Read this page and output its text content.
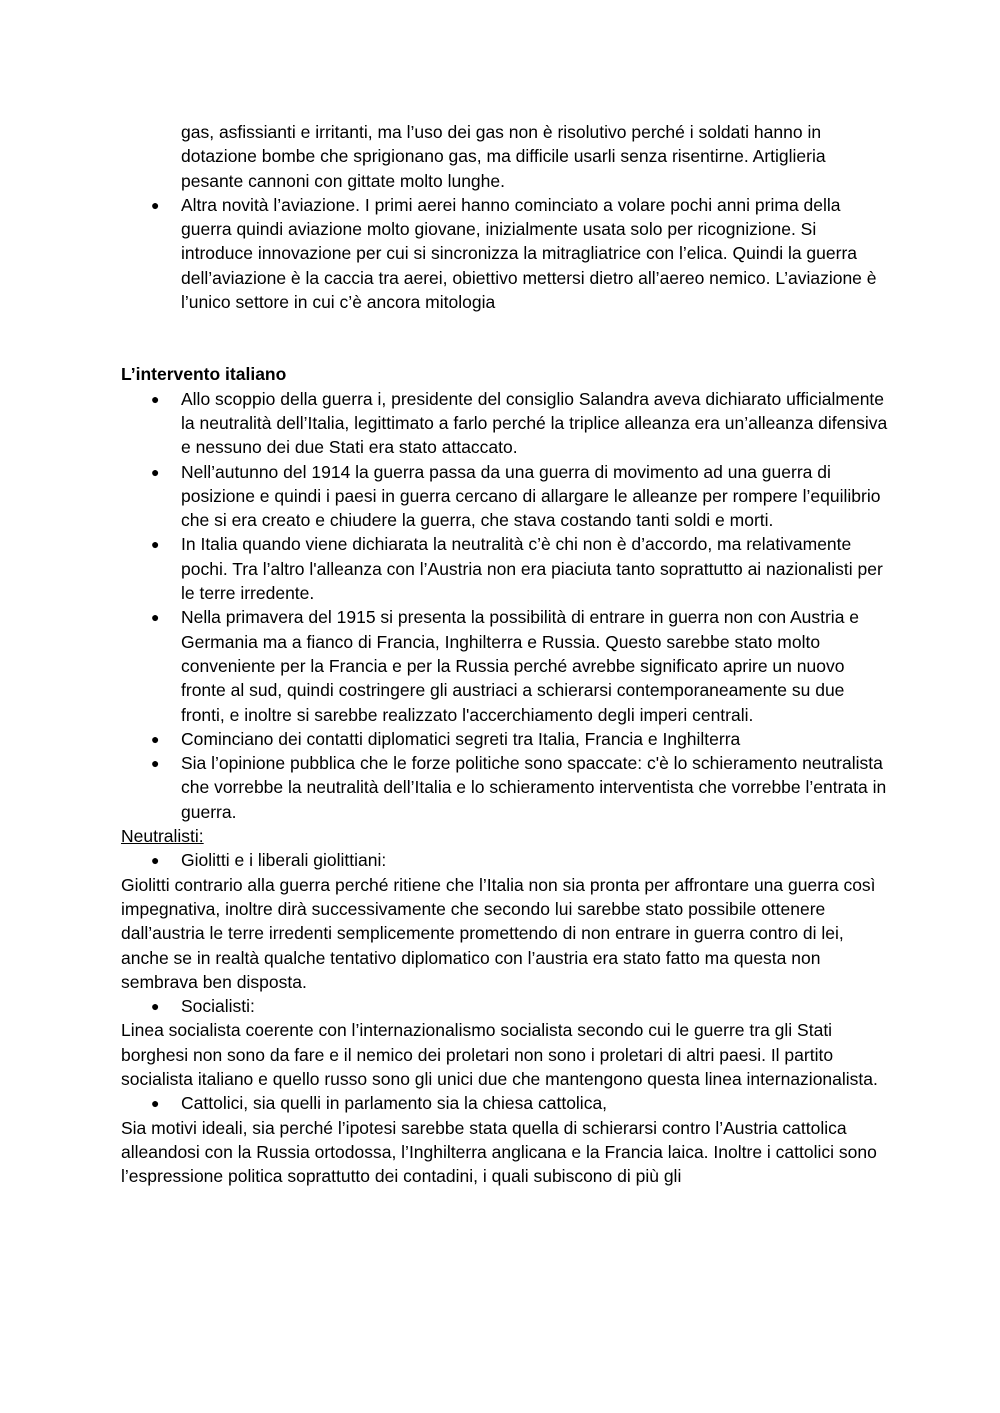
gas, asfissianti e irritanti, ma l’uso dei gas non è risolutivo perché i soldati hanno in dotazione bombe che sprigionano gas, ma difficile usarli senza risentirne. Artiglieria pesante cannoni con gittate molto lunghe.
● Altra novità l’aviazione. I primi aerei hanno cominciato a volare pochi anni prima della guerra quindi aviazione molto giovane, inizialmente usata solo per ricognizione. Si introduce innovazione per cui si sincronizza la mitragliatrice con l’elica. Quindi la guerra dell’aviazione è la caccia tra aerei, obiettivo mettersi dietro all’aereo nemico. L’aviazione è l’unico settore in cui c’è ancora mitologia

L’intervento italiano

● Allo scoppio della guerra i, presidente del consiglio Salandra aveva dichiarato ufficialmente la neutralità dell’Italia, legittimato a farlo perché la triplice alleanza era un’alleanza difensiva e nessuno dei due Stati era stato attaccato.
● Nell’autunno del 1914 la guerra passa da una guerra di movimento ad una guerra di posizione e quindi i paesi in guerra cercano di allargare le alleanze per rompere l’equilibrio che si era creato e chiudere la guerra, che stava costando tanti soldi e morti.
● In Italia quando viene dichiarata la neutralità c’è chi non è d’accordo, ma relativamente pochi. Tra l’altro l'alleanza con l’Austria non era piaciuta tanto soprattutto ai nazionalisti per le terre irredente.
● Nella primavera del 1915 si presenta la possibilità di entrare in guerra non con Austria e Germania ma a fianco di Francia, Inghilterra e Russia. Questo sarebbe stato molto conveniente per la Francia e per la Russia perché avrebbe significato aprire un nuovo fronte al sud, quindi costringere gli austriaci a schierarsi contemporaneamente su due fronti, e inoltre si sarebbe realizzato l'accerchiamento degli imperi centrali.
● Cominciano dei contatti diplomatici segreti tra Italia, Francia e Inghilterra
● Sia l’opinione pubblica che le forze politiche sono spaccate: c'è lo schieramento neutralista che vorrebbe la neutralità dell’Italia e lo schieramento interventista che vorrebbe l’entrata in guerra.

Neutralisti:

● Giolitti e i liberali giolittiani:

Giolitti contrario alla guerra perché ritiene che l’Italia non sia pronta per affrontare una guerra così impegnativa, inoltre dirà successivamente che secondo lui sarebbe stato possibile ottenere dall’austria le terre irredenti semplicemente promettendo di non entrare in guerra contro di lei, anche se in realtà qualche tentativo diplomatico con l’austria era stato fatto ma questa non sembrava ben disposta.

● Socialisti:

Linea socialista coerente con l’internazionalismo socialista secondo cui le guerre tra gli Stati borghesi non sono da fare e il nemico dei proletari non sono i proletari di altri paesi. Il partito socialista italiano e quello russo sono gli unici due che mantengono questa linea internazionalista.

● Cattolici, sia quelli in parlamento sia la chiesa cattolica,

Sia motivi ideali, sia perché l’ipotesi sarebbe stata quella di schierarsi contro l’Austria cattolica alleandosi con la Russia ortodossa, l’Inghilterra anglicana e la Francia laica. Inoltre i cattolici sono l’espressione politica soprattutto dei contadini, i quali subiscono di più gli
